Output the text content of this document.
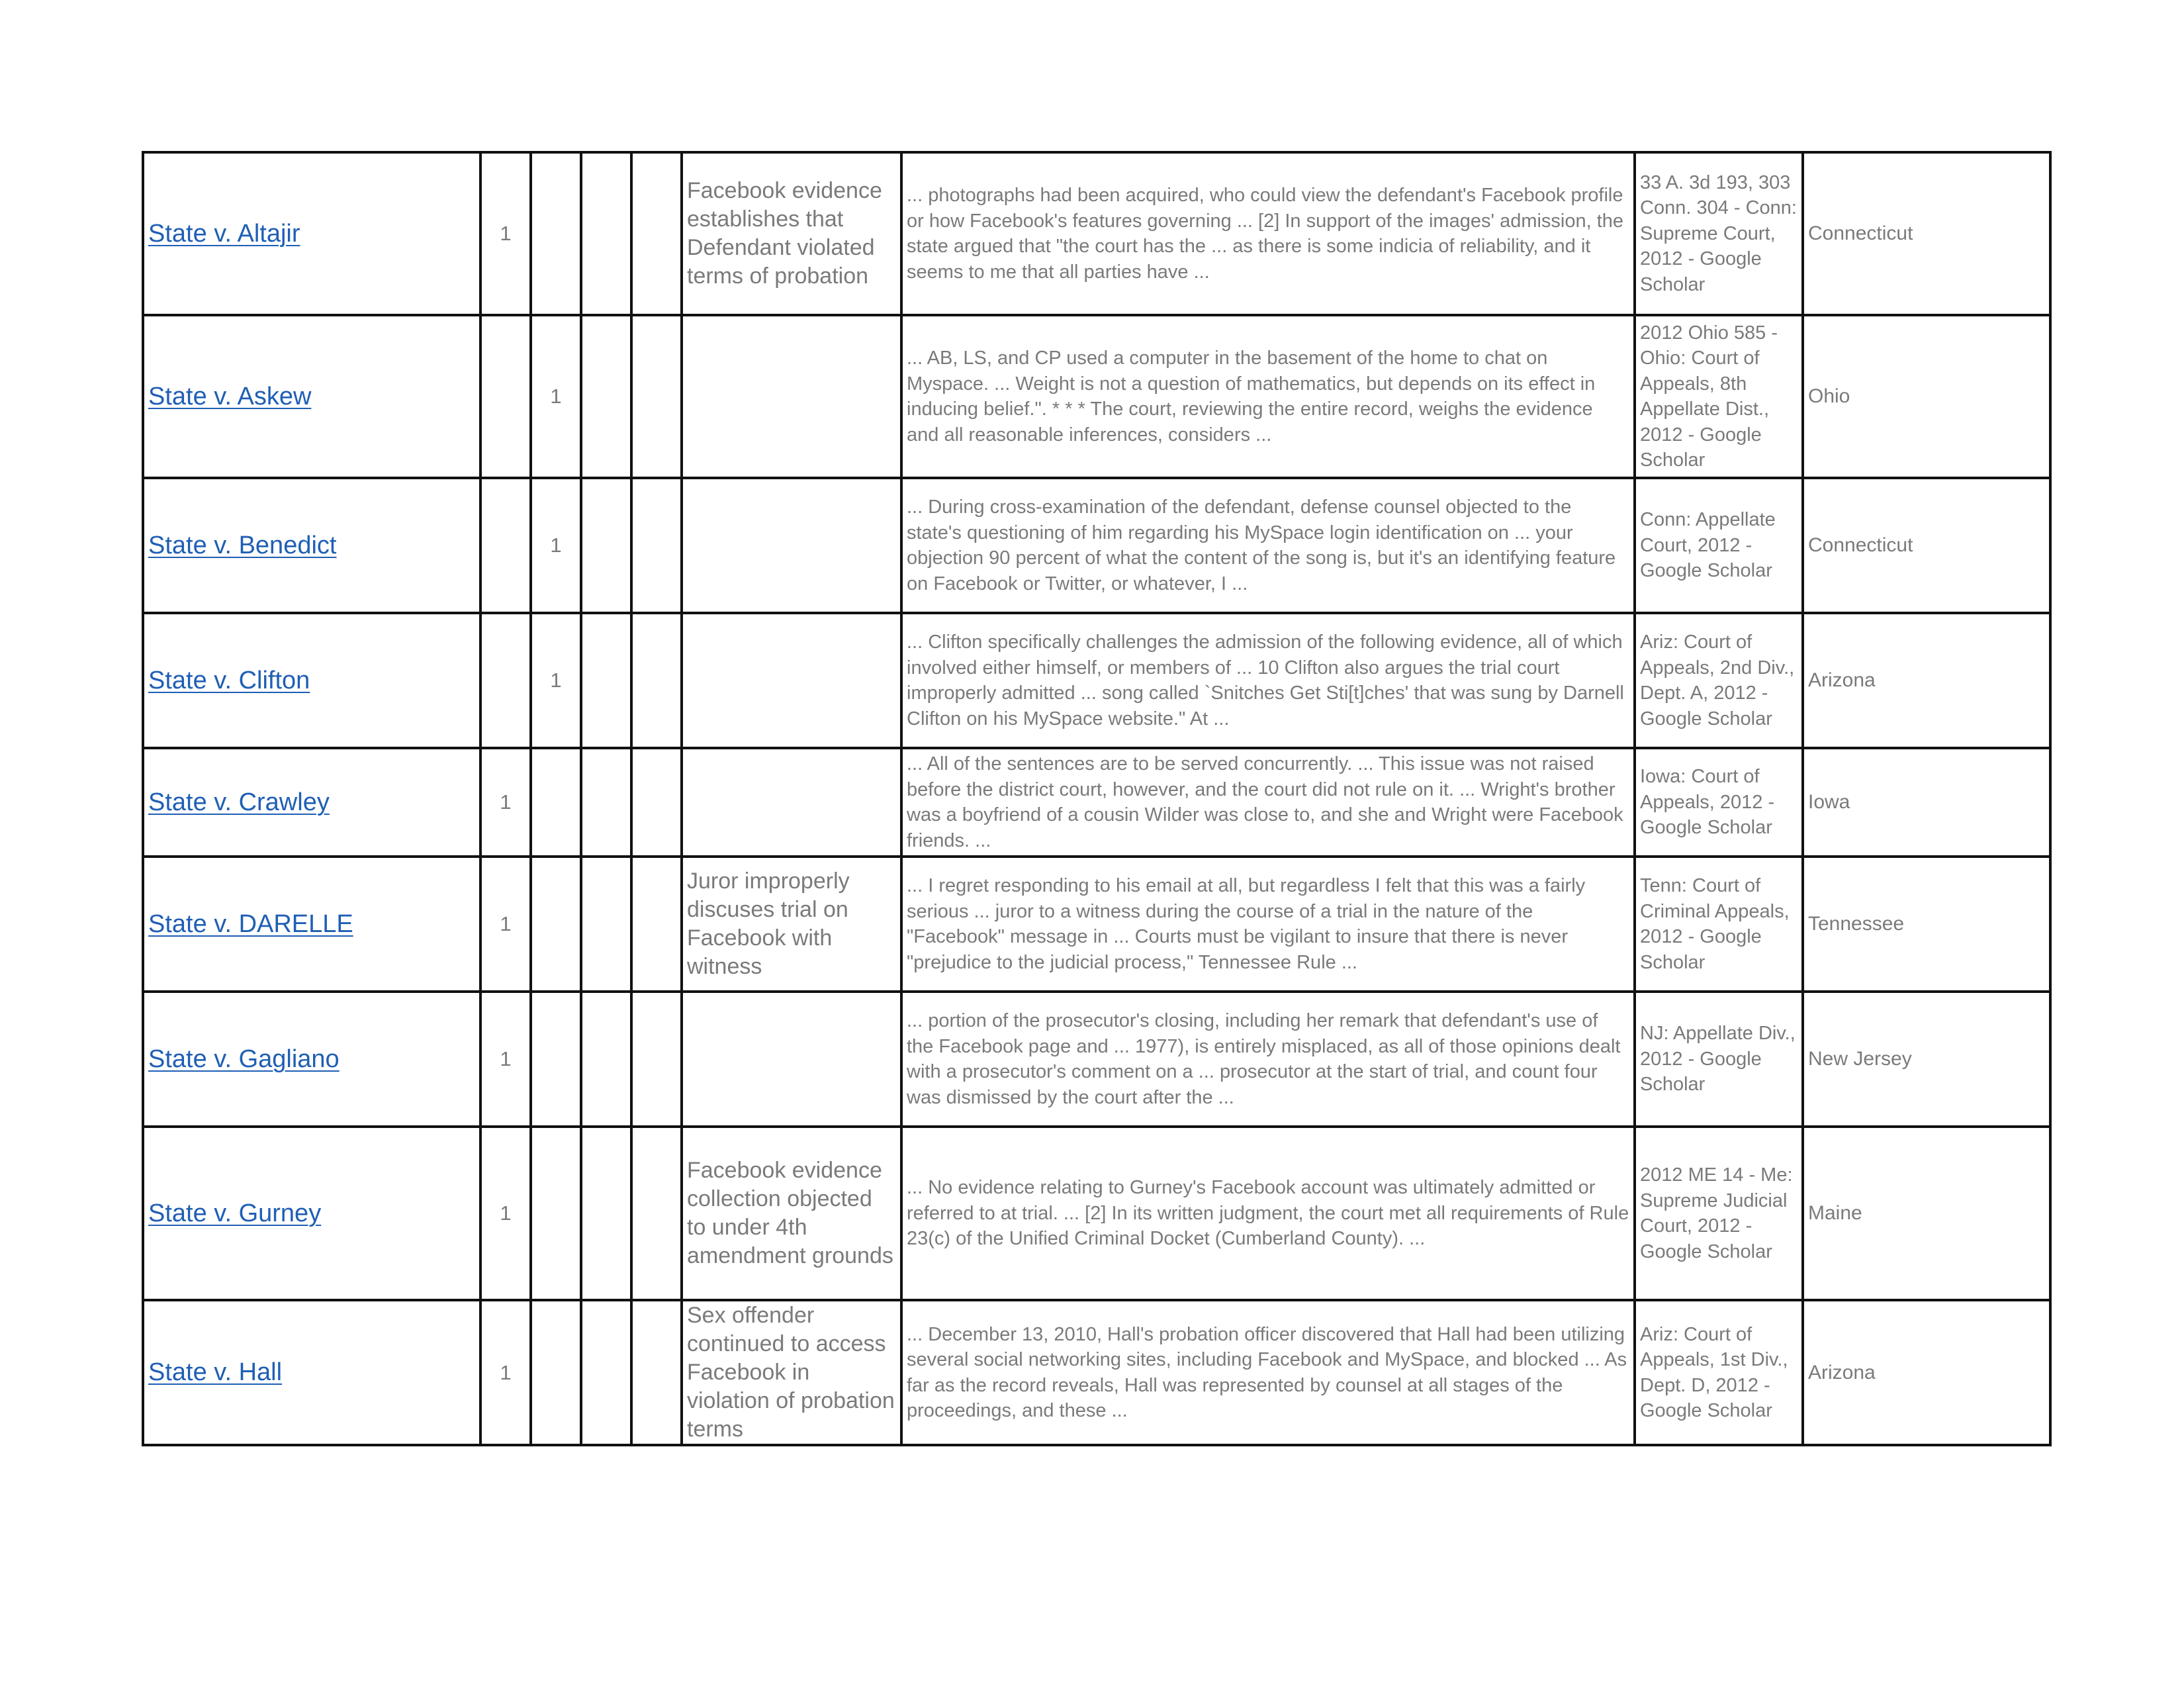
State v. Altajir	1				Facebook evidence establishes that Defendant violated terms of probation	... photographs had been acquired, who could view the defendant's Facebook profile or how Facebook's features governing ... [2] In support of the images' admission, the state argued that "the court has the ... as there is some indicia of reliability, and it seems to me that all parties have ...	33 A. 3d 193, 303 Conn. 304 - Conn: Supreme Court, 2012 - Google Scholar	Connecticut
State v. Askew		1				... AB, LS, and CP used a computer in the basement of the home to chat on Myspace. ... Weight is not a question of mathematics, but depends on its effect in inducing belief.". * * * The court, reviewing the entire record, weighs the evidence and all reasonable inferences, considers ...	2012 Ohio 585 - Ohio: Court of Appeals, 8th Appellate Dist., 2012 - Google Scholar	Ohio
State v. Benedict		1				... During cross-examination of the defendant, defense counsel objected to the state's questioning of him regarding his MySpace login identification on ... your objection 90 percent of what the content of the song is, but it's an identifying feature on Facebook or Twitter, or whatever, I ...	Conn: Appellate Court, 2012 - Google Scholar	Connecticut
State v. Clifton		1				... Clifton specifically challenges the admission of the following evidence, all of which involved either himself, or members of ... 10 Clifton also argues the trial court improperly admitted ... song called `Snitches Get Sti[t]ches' that was sung by Darnell Clifton on his MySpace website." At ...	Ariz: Court of Appeals, 2nd Div., Dept. A, 2012 - Google Scholar	Arizona
State v. Crawley	1					... All of the sentences are to be served concurrently. ... This issue was not raised before the district court, however, and the court did not rule on it. ... Wright's brother was a boyfriend of a cousin Wilder was close to, and she and Wright were Facebook friends. ...	Iowa: Court of Appeals, 2012 - Google Scholar	Iowa
State v. DARELLE	1				Juror improperly discuses trial on Facebook with witness	... I regret responding to his email at all, but regardless I felt that this was a fairly serious ... juror to a witness during the course of a trial in the nature of the "Facebook" message in ... Courts must be vigilant to insure that there is never "prejudice to the judicial process," Tennessee Rule ...	Tenn: Court of Criminal Appeals, 2012 - Google Scholar	Tennessee
State v. Gagliano	1					... portion of the prosecutor's closing, including her remark that defendant's use of the Facebook page and ... 1977), is entirely misplaced, as all of those opinions dealt with a prosecutor's comment on a ... prosecutor at the start of trial, and count four was dismissed by the court after the ...	NJ: Appellate Div., 2012 - Google Scholar	New Jersey
State v. Gurney	1				Facebook evidence collection objected to under 4th amendment grounds	... No evidence relating to Gurney's Facebook account was ultimately admitted or referred to at trial. ... [2] In its written judgment, the court met all requirements of Rule 23(c) of the Unified Criminal Docket (Cumberland County). ...	2012 ME 14 - Me: Supreme Judicial Court, 2012 - Google Scholar	Maine
State v. Hall	1				Sex offender continued to access Facebook in violation of probation terms	... December 13, 2010, Hall's probation officer discovered that Hall had been utilizing several social networking sites, including Facebook and MySpace, and blocked ... As far as the record reveals, Hall was represented by counsel at all stages of the proceedings, and these ...	Ariz: Court of Appeals, 1st Div., Dept. D, 2012 - Google Scholar	Arizona
